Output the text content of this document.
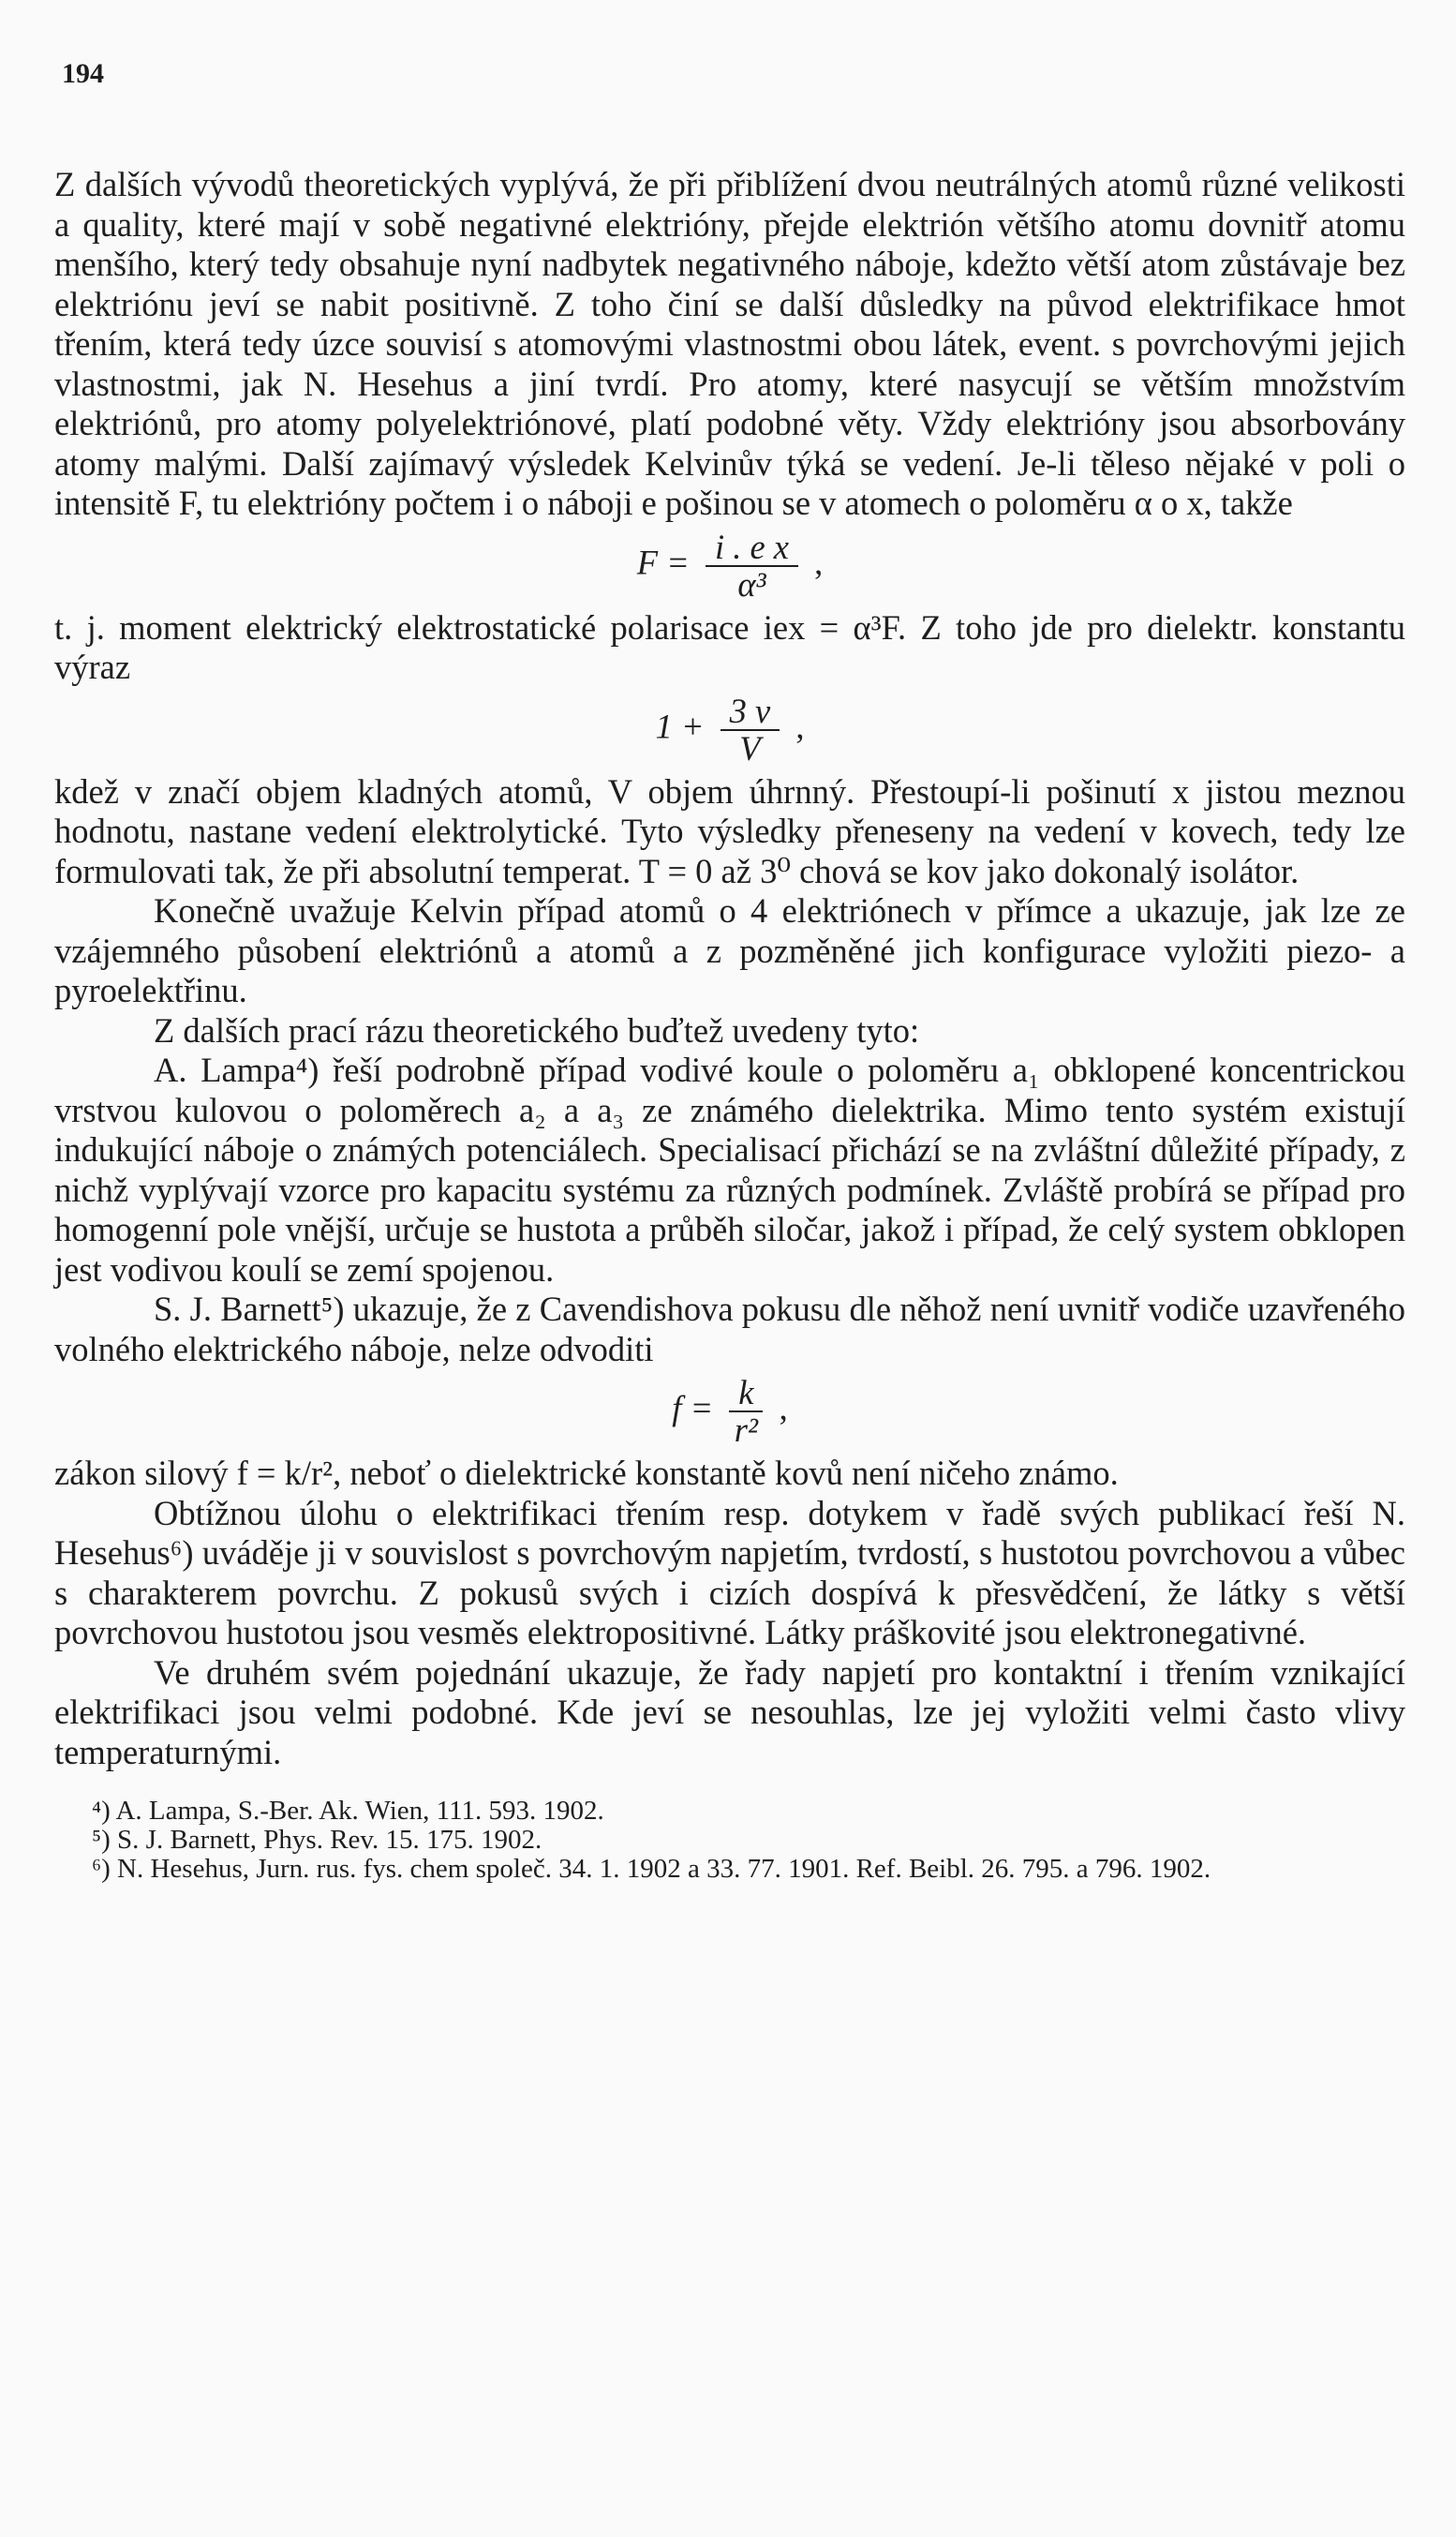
194

Z dalších vývodů theoretických vyplývá, že při přiblížení dvou neutrálných atomů různé velikosti a quality, které mají v sobě negativné elektrióny, přejde elektrión většího atomu dovnitř atomu menšího, který tedy obsahuje nyní nadbytek negativného náboje, kdežto větší atom zůstávaje bez elektriónu jeví se nabit positivně. Z toho činí se další důsledky na původ elektrifikace hmot třením, která tedy úzce souvisí s atomovými vlastnostmi obou látek, event. s povrchovými jejich vlastnostmi, jak N. Hesehus a jiní tvrdí. Pro atomy, které nasycují se větším množstvím elektriónů, pro atomy polyelektriónové, platí podobné věty. Vždy elektrióny jsou absorbovány atomy malými. Další zajímavý výsledek Kelvinův týká se vedení. Je-li těleso nějaké v poli o intensitě F, tu elektrióny počtem i o náboji e pošinou se v atomech o poloměru α o x, takže

$F = \frac{\text{i . e x}}{\text{α³}}$ ,

t. j. moment elektrický elektrostatické polarisace iex = α³F. Z toho jde pro dielektr. konstantu výraz

$1 + \frac{3 v}{V}$ ,

kdež v značí objem kladných atomů, V objem úhrnný. Přestoupí-li pošinutí x jistou meznou hodnotu, nastane vedení elektrolytické. Tyto výsledky přeneseny na vedení v kovech, tedy lze formulovati tak, že při absolutní temperat. T = 0 až 3⁰ chová se kov jako dokonalý isolátor.

Konečně uvažuje Kelvin případ atomů o 4 elektriónech v přímce a ukazuje, jak lze ze vzájemného působení elektriónů a atomů a z pozměněné jich konfigurace vyložiti piezo- a pyroelektřinu.

Z dalších prací rázu theoretického buďtež uvedeny tyto:

A. Lampa⁴) řeší podrobně případ vodivé koule o poloměru a₁ obklopené koncentrickou vrstvou kulovou o poloměrech a₂ a a₃ ze známého dielektrika. Mimo tento systém existují indukující náboje o známých potenciálech. Specialisací přichází se na zvláštní důležité případy, z nichž vyplývají vzorce pro kapacitu systému za různých podmínek. Zvláště probírá se případ pro homogenní pole vnější, určuje se hustota a průběh siločar, jakož i případ, že celý system obklopen jest vodivou koulí se zemí spojenou.

S. J. Barnett⁵) ukazuje, že z Cavendishova pokusu dle něhož není uvnitř vodiče uzavřeného volného elektrického náboje, nelze odvoditi

$f = \frac{k}{\text{r²}}$ ,

zákon silový f = k/r², neboť o dielektrické konstantě kovů není ničeho známo.

Obtížnou úlohu o elektrifikaci třením resp. dotykem v řadě svých publikací řeší N. Hesehus⁶) uváděje ji v souvislost s povrchovým napjetím, tvrdostí, s hustotou povrchovou a vůbec s charakterem povrchu. Z pokusů svých i cizích dospívá k přesvědčení, že látky s větší povrchovou hustotou jsou vesměs elektropositivné. Látky práškovité jsou elektronegativné.

Ve druhém svém pojednání ukazuje, že řady napjetí pro kontaktní i třením vznikající elektrifikaci jsou velmi podobné. Kde jeví se nesouhlas, lze jej vyložiti velmi často vlivy temperaturnými.

⁴) A. Lampa, S.-Ber. Ak. Wien, 111. 593. 1902.
⁵) S. J. Barnett, Phys. Rev. 15. 175. 1902.
⁶) N. Hesehus, Jurn. rus. fys. chem společ. 34. 1. 1902 a 33. 77. 1901. Ref. Beibl. 26. 795. a 796. 1902.
